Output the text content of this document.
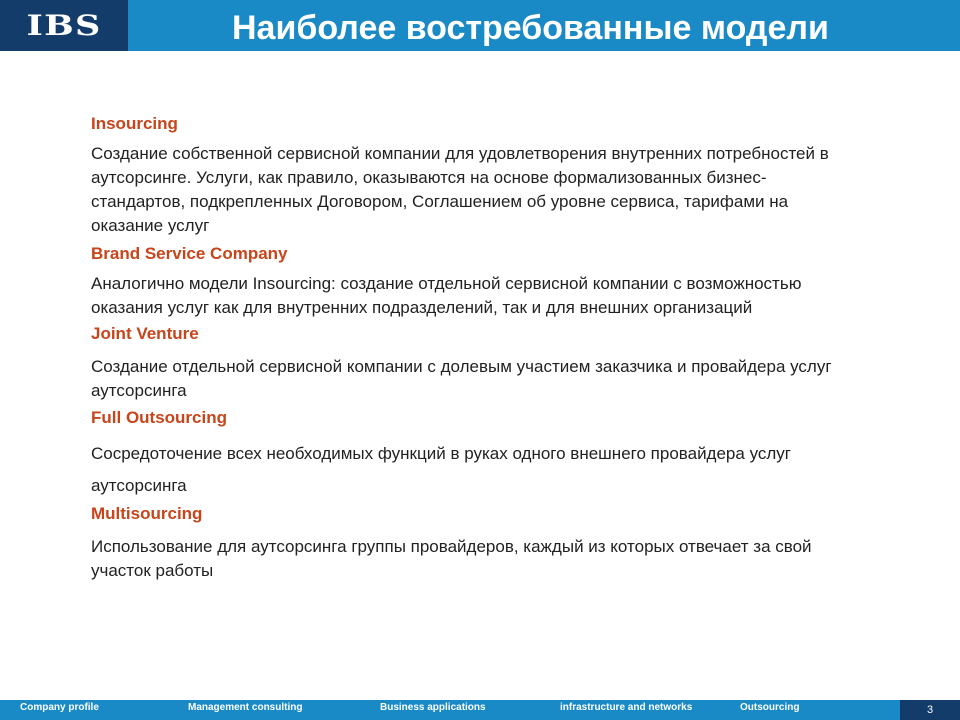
IBS	Наиболее востребованные модели
Insourcing
Создание собственной сервисной компании для удовлетворения внутренних потребностей в аутсорсинге. Услуги, как правило, оказываются на основе формализованных бизнес-стандартов, подкрепленных Договором, Соглашением об уровне сервиса, тарифами на оказание услуг
Brand Service Company
Аналогично модели Insourcing: создание отдельной сервисной компании с возможностью оказания услуг как для внутренних подразделений, так и для внешних организаций
Joint Venture
Создание отдельной сервисной компании с долевым участием заказчика и провайдера услуг аутсорсинга
Full Outsourcing
Сосредоточение всех необходимых функций в руках одного внешнего провайдера услуг аутсорсинга
Multisourcing
Использование для аутсорсинга группы провайдеров, каждый из которых отвечает за свой участок работы
Company profile	Management consulting	Business applications	infrastructure and networks	Outsourcing	3
